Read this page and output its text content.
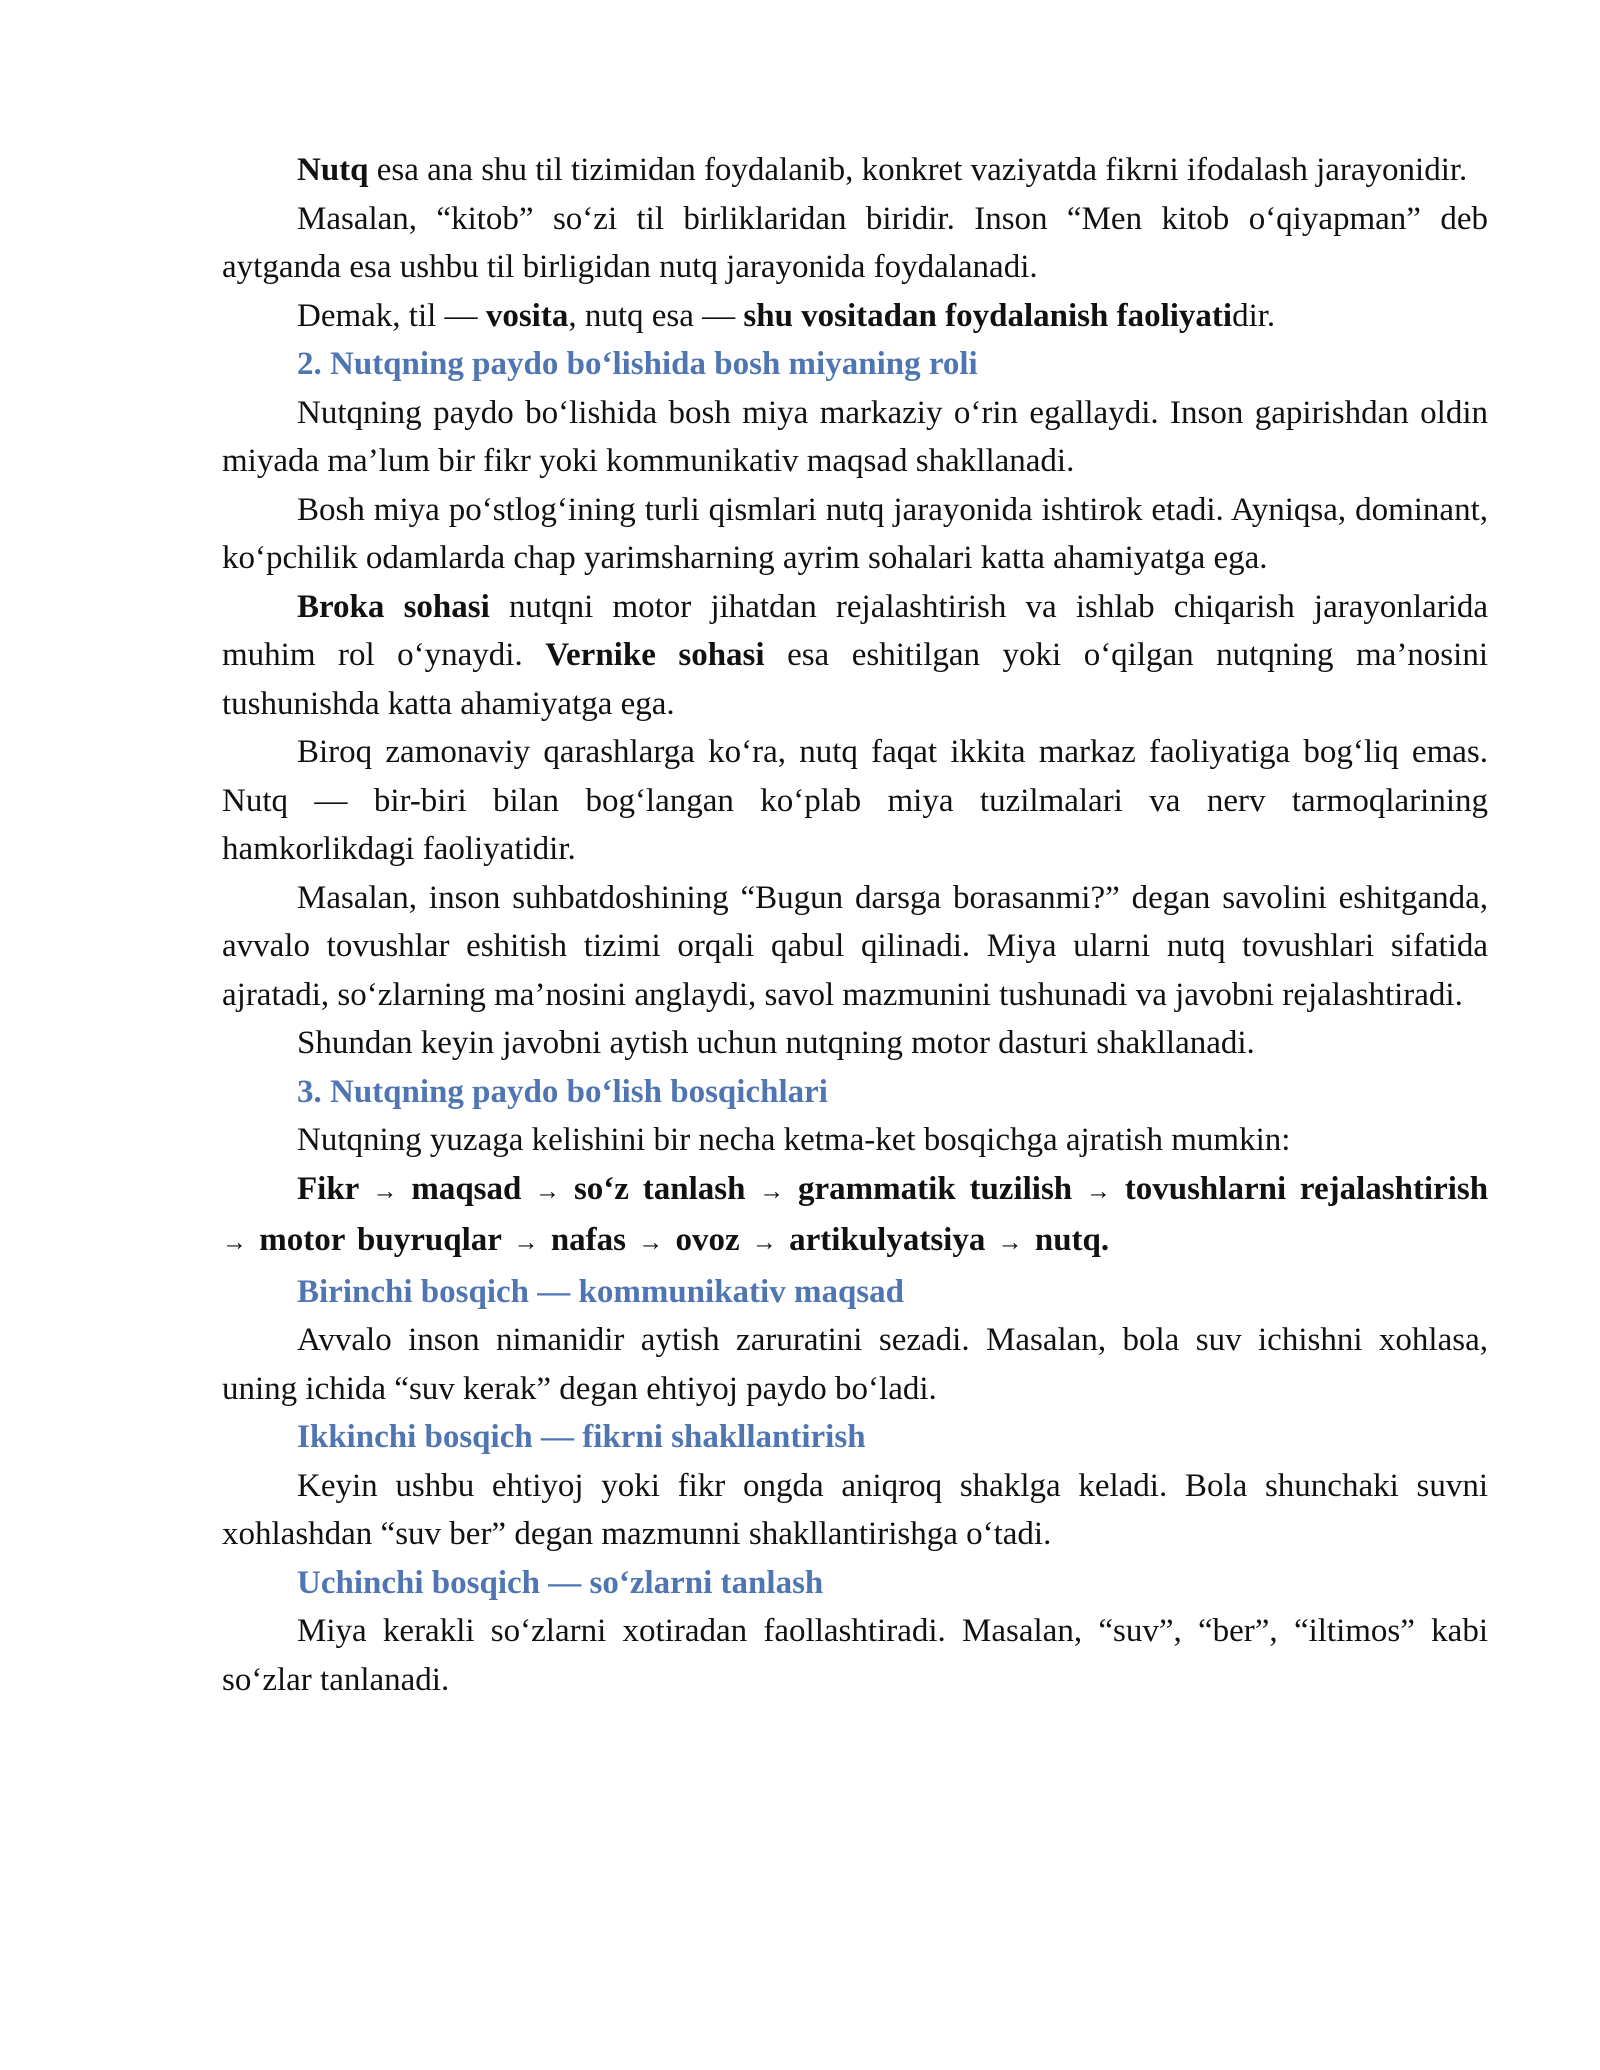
Nutq esa ana shu til tizimidan foydalanib, konkret vaziyatda fikrni ifodalash jarayonidir.

Masalan, “kitob” so‘zi til birliklaridan biridir. Inson “Men kitob o‘qiyapman” deb aytganda esa ushbu til birligidan nutq jarayonida foydalanadi.

Demak, til — vosita, nutq esa — shu vositadan foydalanish faoliyatidir.

2. Nutqning paydo bo‘lishida bosh miyaning roli

Nutqning paydo bo‘lishida bosh miya markaziy o‘rin egallaydi. Inson gapirishdan oldin miyada ma’lum bir fikr yoki kommunikativ maqsad shakllanadi.

Bosh miya po‘stlog‘ining turli qismlari nutq jarayonida ishtirok etadi. Ayniqsa, dominant, ko‘pchilik odamlarda chap yarimsharning ayrim sohalari katta ahamiyatga ega.

Broka sohasi nutqni motor jihatdan rejalashtirish va ishlab chiqarish jarayonlarida muhim rol o‘ynaydi. Vernike sohasi esa eshitilgan yoki o‘qilgan nutqning ma’nosini tushunishda katta ahamiyatga ega.

Biroq zamonaviy qarashlarga ko‘ra, nutq faqat ikkita markaz faoliyatiga bog‘liq emas. Nutq — bir-biri bilan bog‘langan ko‘plab miya tuzilmalari va nerv tarmoqlarining hamkorlikdagi faoliyatidir.

Masalan, inson suhbatdoshining “Bugun darsga borasanmi?” degan savolini eshitganda, avvalo tovushlar eshitish tizimi orqali qabul qilinadi. Miya ularni nutq tovushlari sifatida ajratadi, so‘zlarning ma’nosini anglaydi, savol mazmunini tushunadi va javobni rejalashtiradi.

Shundan keyin javobni aytish uchun nutqning motor dasturi shakllanadi.

3. Nutqning paydo bo‘lish bosqichlari

Nutqning yuzaga kelishini bir necha ketma-ket bosqichga ajratish mumkin:

Fikr → maqsad → so‘z tanlash → grammatik tuzilish → tovushlarni rejalashtirish → motor buyruqlar → nafas → ovoz → artikulyatsiya → nutq.

Birinchi bosqich — kommunikativ maqsad

Avvalo inson nimanidir aytish zaruratini sezadi. Masalan, bola suv ichishni xohlasa, uning ichida “suv kerak” degan ehtiyoj paydo bo‘ladi.

Ikkinchi bosqich — fikrni shakllantirish

Keyin ushbu ehtiyoj yoki fikr ongda aniqroq shaklga keladi. Bola shunchaki suvni xohlashdan “suv ber” degan mazmunni shakllantirishga o‘tadi.

Uchinchi bosqich — so‘zlarni tanlash

Miya kerakli so‘zlarni xotiradan faollashtiradi. Masalan, “suv”, “ber”, “iltimos” kabi so‘zlar tanlanadi.
